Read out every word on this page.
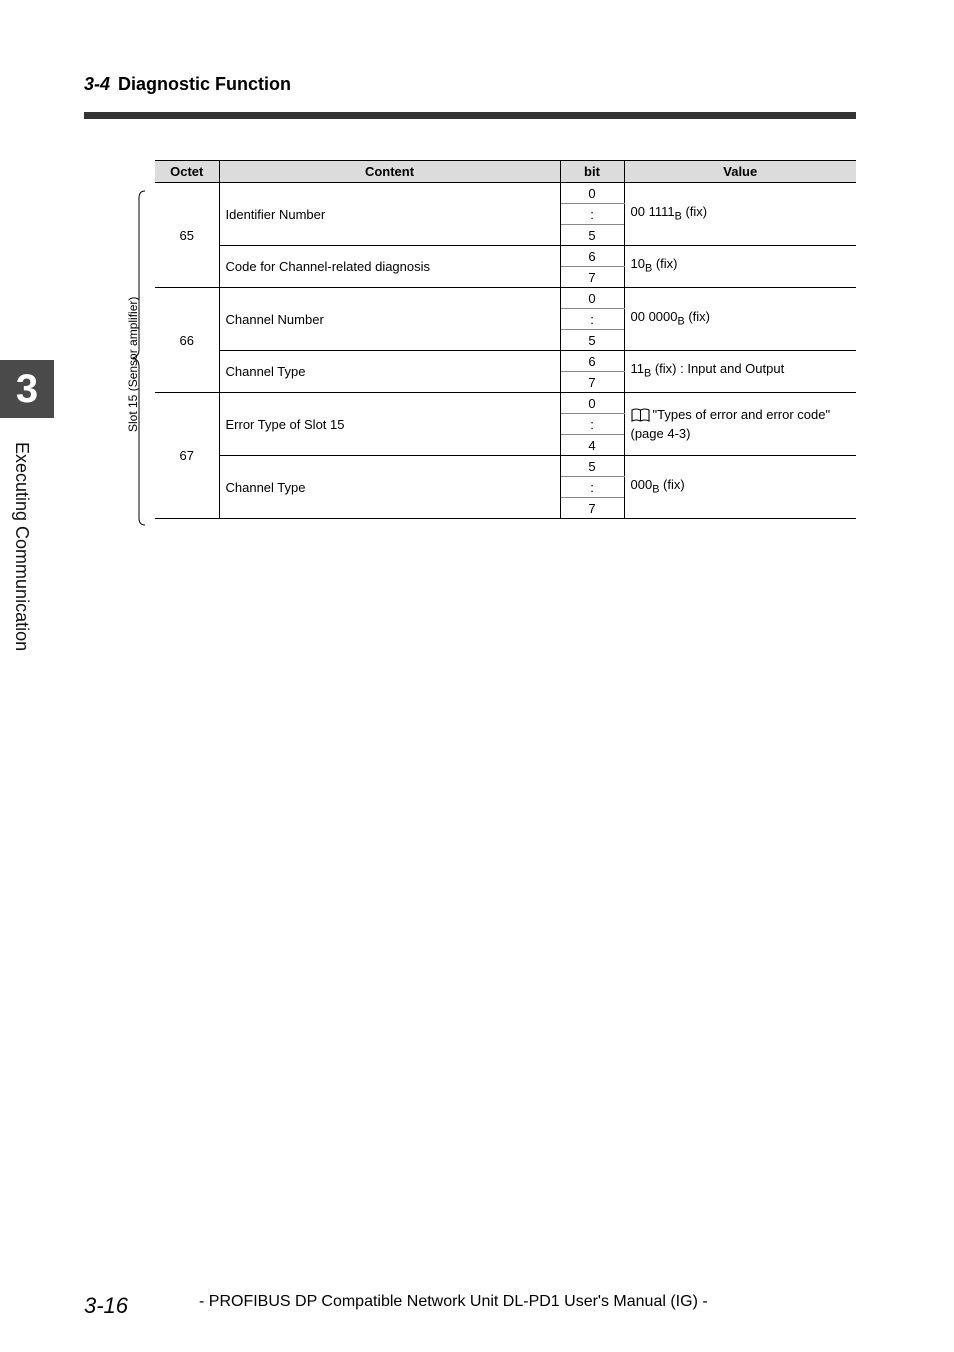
3-4 Diagnostic Function
3
Executing Communication
Slot 15 (Sensor amplifier)
Octet	Content	bit	Value
65	Identifier Number	0	00 $1111_B$ (fix)
		:	
		5	
	Code for Channel-related diagnosis	6	$10_B$ (fix)
		7	
66	Channel Number	0	00 $0000_B$ (fix)
		:	
		5	
	Channel Type	6	$11_B$ (fix) : Input and Output
		7	
67	Error Type of Slot 15	0	"Types of error and error code"
(page 4-3)
		:	
		4	
	Channel Type	5	$000_B$ (fix)
		:	
		7	
3-16	- PROFIBUS DP Compatible Network Unit DL-PD1 User's Manual (IG) -
